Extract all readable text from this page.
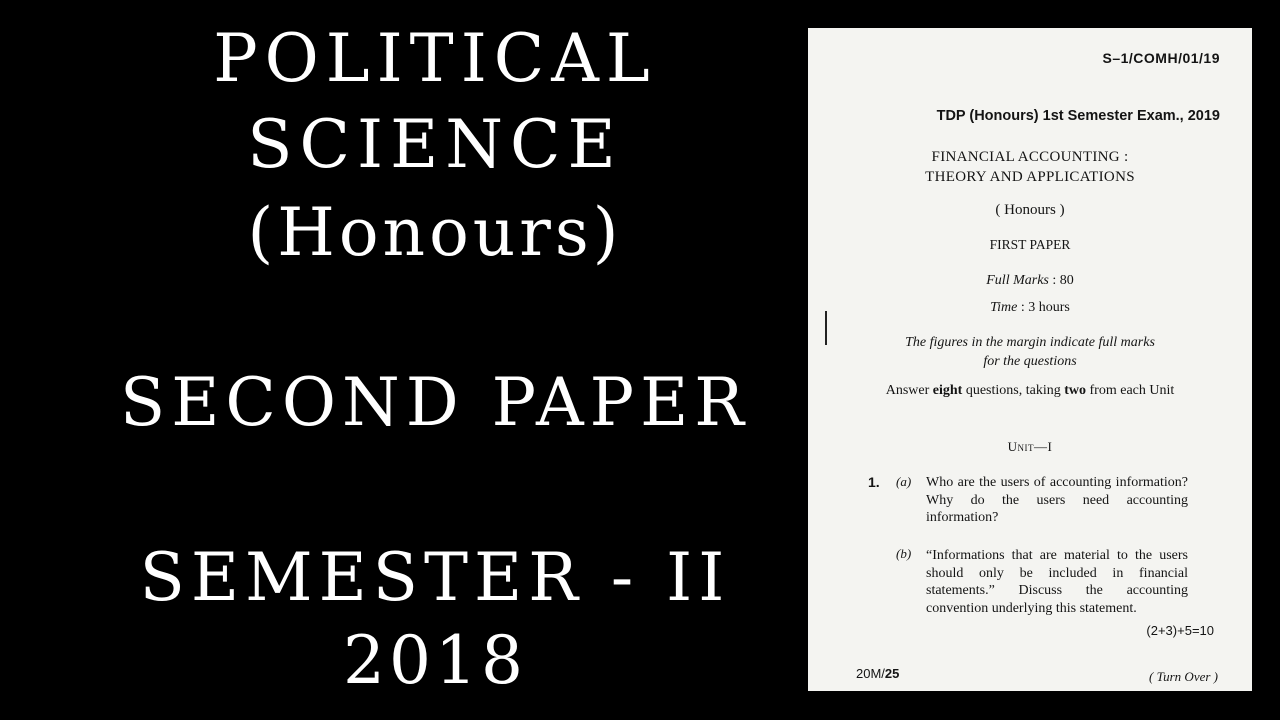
POLITICAL
SCIENCE
(Honours)
SECOND PAPER
SEMESTER - II
2018
S–1/COMH/01/19
TDP (Honours) 1st Semester Exam., 2019
FINANCIAL ACCOUNTING :
THEORY AND APPLICATIONS
( Honours )
FIRST PAPER
Full Marks : 80
Time : 3 hours
The figures in the margin indicate full marks
for the questions
Answer eight questions, taking two from each Unit
Unit—I
1. (a) Who are the users of accounting information? Why do the users need accounting information?
(b) “Informations that are material to the users should only be included in financial statements.” Discuss the accounting convention underlying this statement.
(2+3)+5=10
20M/25	( Turn Over )
